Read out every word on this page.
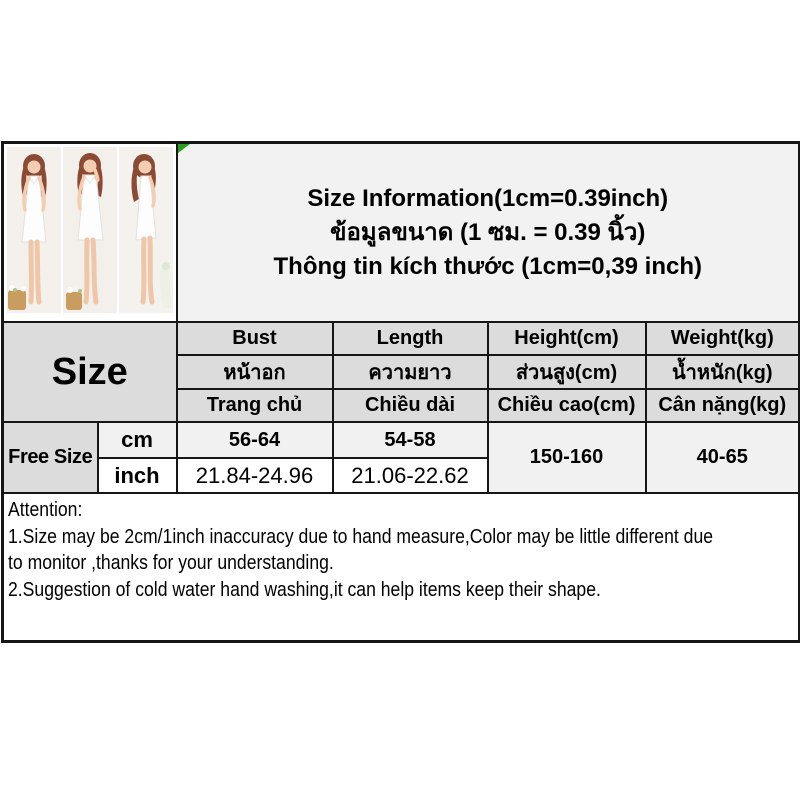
Size Information(1cm=0.39inch)
ข้อมูลขนาด (1 ซม. = 0.39 นิ้ว)
Thông tin kích thước (1cm=0,39 inch)			

Size		Bust	Length	Height(cm)	Weight(kg)
		หน้าอก	ความยาว	ส่วนสูง(cm)	น้ำหนัก(kg)
		Trang chủ	Chiều dài	Chiều cao(cm)	Cân nặng(kg)
Free Size	cm	56-64	54-58	150-160	40-65
	inch	21.84-24.96	21.06-22.62		

Attention:
1.Size may be 2cm/1inch inaccuracy due to hand measure,Color may be little different due
to monitor ,thanks for your understanding.
2.Suggestion of cold water hand washing,it can help items keep their shape.					
